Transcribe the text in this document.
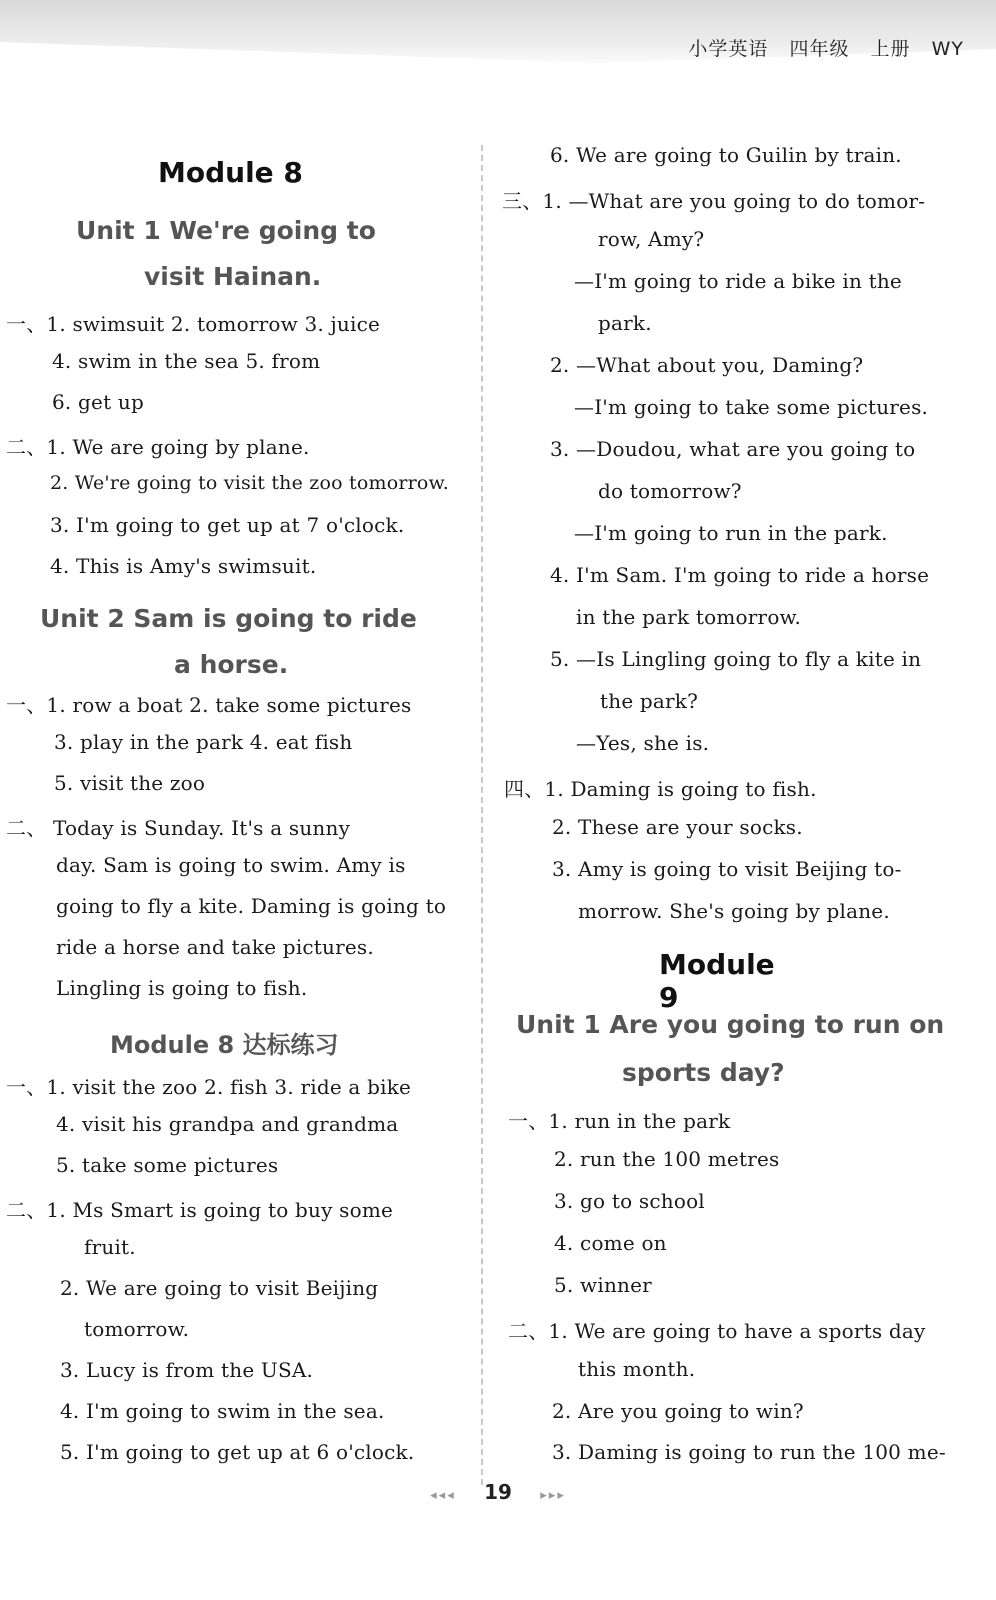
小学英语 四年级 上册 WY
Module 8
Unit 1 We're going to
visit Hainan.
一、1. swimsuit 2. tomorrow 3. juice
4. swim in the sea 5. from
6. get up
二、1. We are going by plane.
2. We're going to visit the zoo tomorrow.
3. I'm going to get up at 7 o'clock.
4. This is Amy's swimsuit.
Unit 2 Sam is going to ride
a horse.
一、1. row a boat 2. take some pictures
3. play in the park 4. eat fish
5. visit the zoo
二、 Today is Sunday. It's a sunny
day. Sam is going to swim. Amy is
going to fly a kite. Daming is going to
ride a horse and take pictures.
Lingling is going to fish.
Module 8 达标练习
一、1. visit the zoo 2. fish 3. ride a bike
4. visit his grandpa and grandma
5. take some pictures
二、1. Ms Smart is going to buy some
fruit.
2. We are going to visit Beijing
tomorrow.
3. Lucy is from the USA.
4. I'm going to swim in the sea.
5. I'm going to get up at 6 o'clock.
6. We are going to Guilin by train.
三、1. —What are you going to do tomor-
row, Amy?
—I'm going to ride a bike in the
park.
2. —What about you, Daming?
—I'm going to take some pictures.
3. —Doudou, what are you going to
do tomorrow?
—I'm going to run in the park.
4. I'm Sam. I'm going to ride a horse
in the park tomorrow.
5. —Is Lingling going to fly a kite in
the park?
—Yes, she is.
四、1. Daming is going to fish.
2. These are your socks.
3. Amy is going to visit Beijing to-
morrow. She's going by plane.
Module 9
Unit 1 Are you going to run on
sports day?
一、1. run in the park
2. run the 100 metres
3. go to school
4. come on
5. winner
二、1. We are going to have a sports day
this month.
2. Are you going to win?
3. Daming is going to run the 100 me-
◂◂◂ 19 ▸▸▸
